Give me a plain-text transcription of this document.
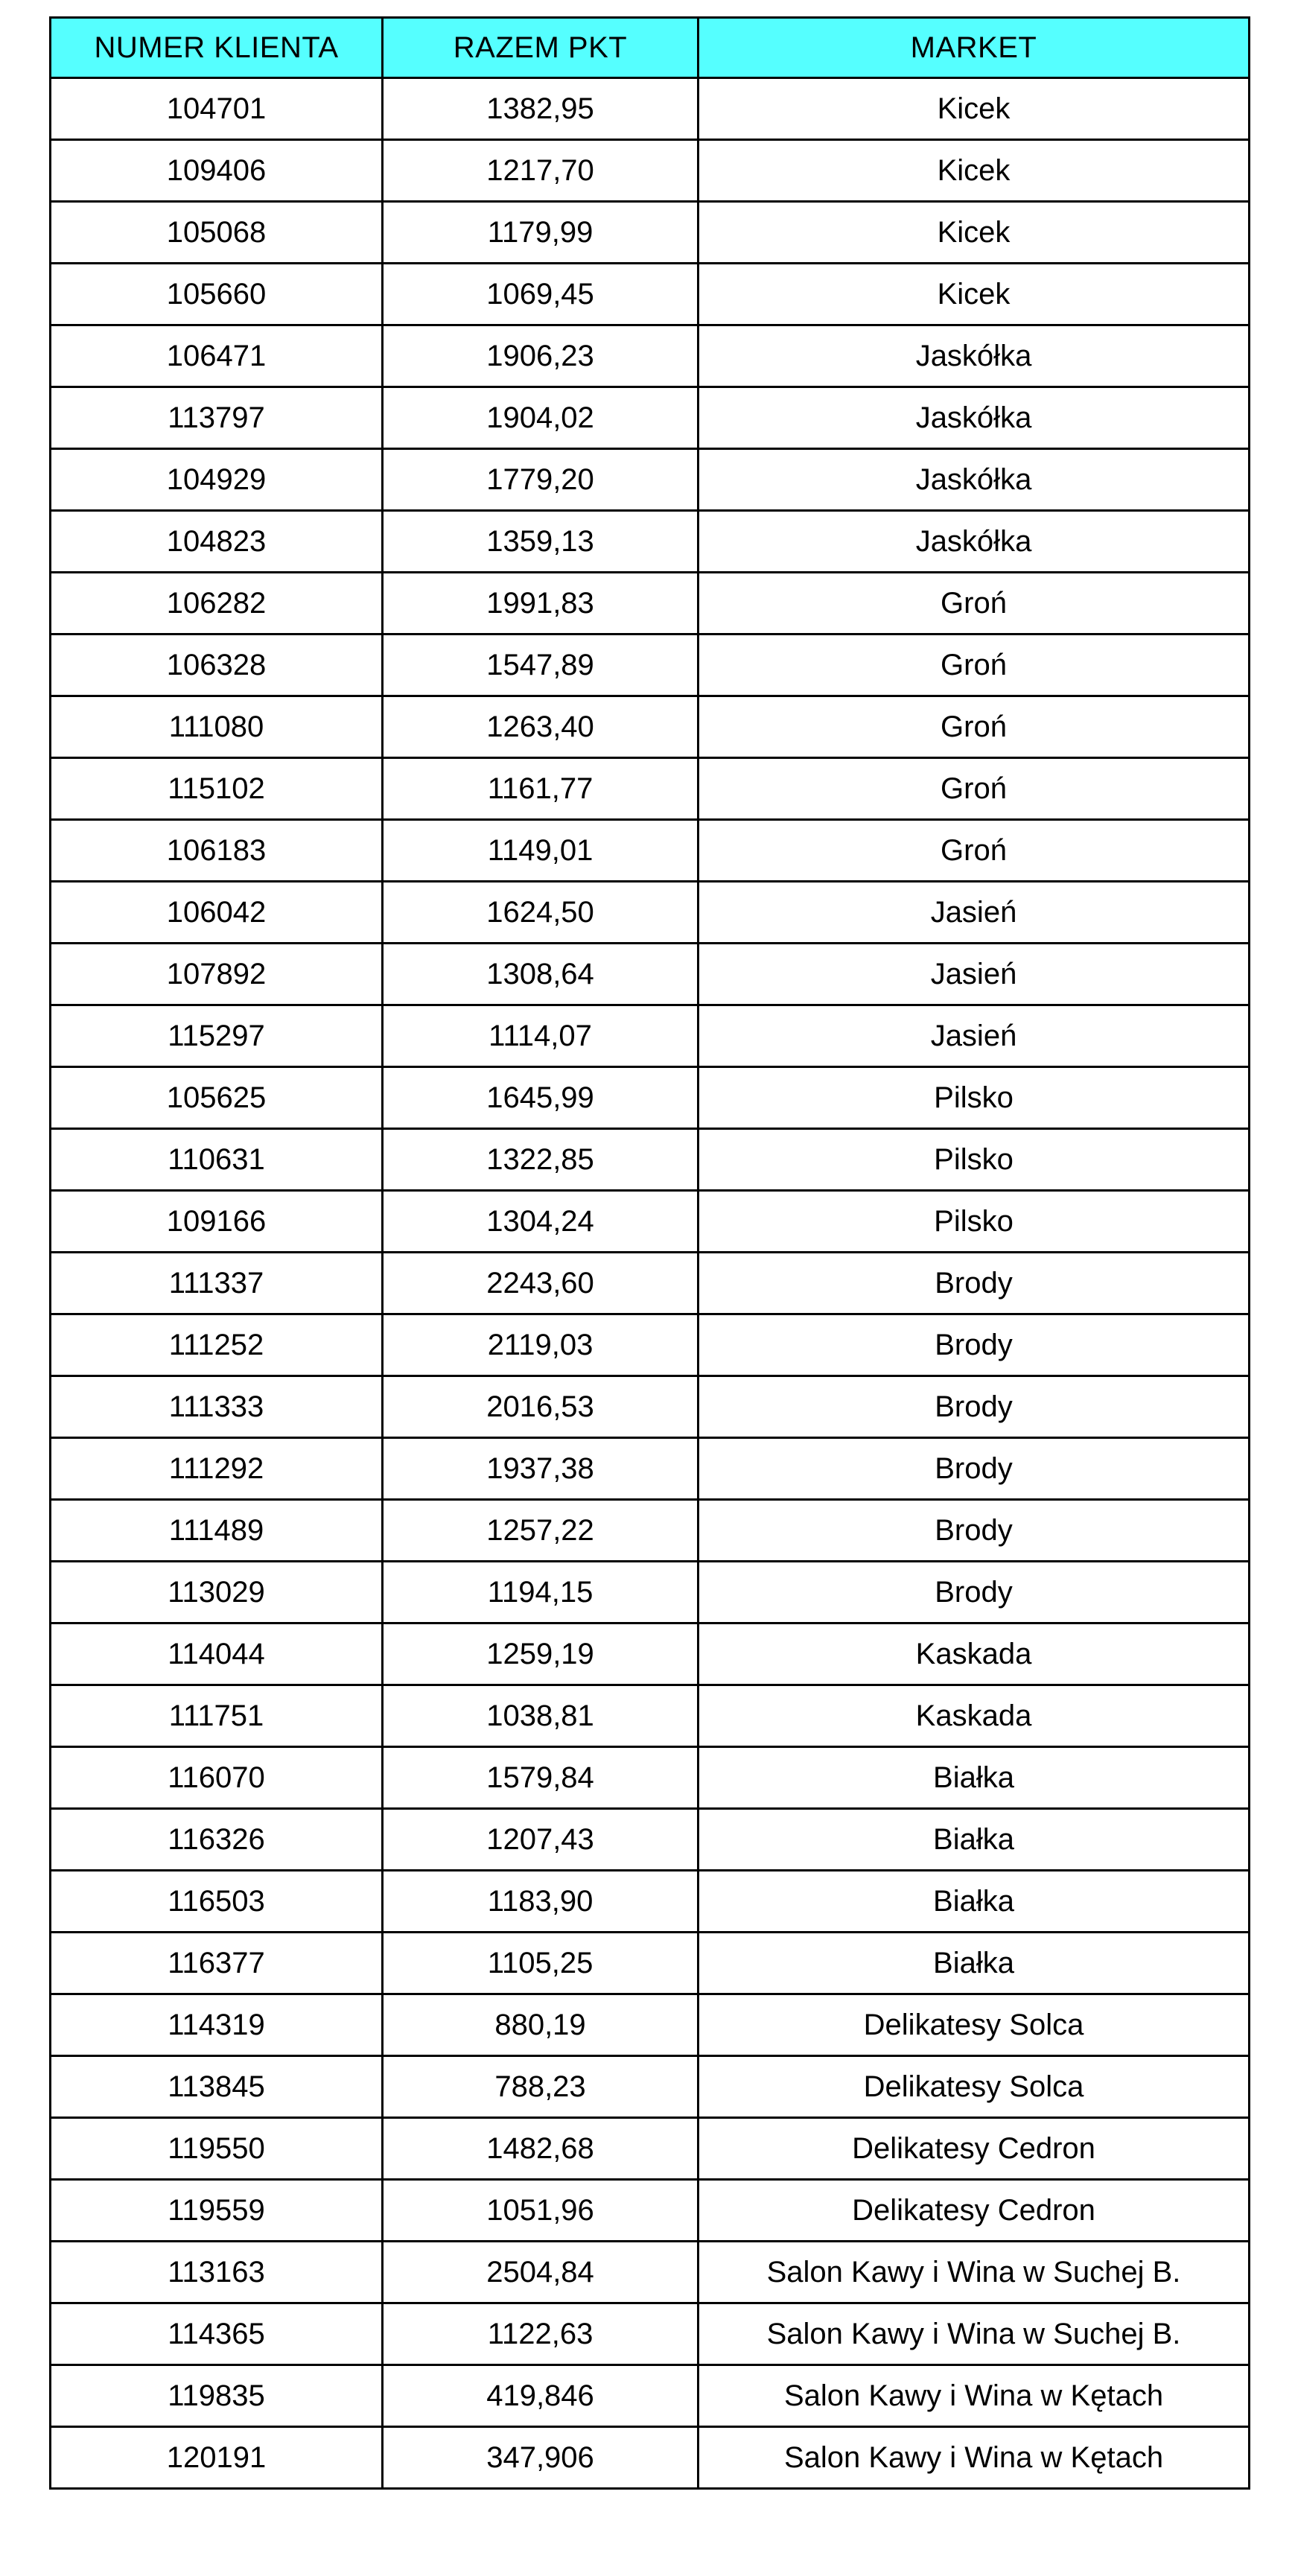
NUMER KLIENTA	RAZEM PKT	MARKET
104701	1382,95	Kicek
109406	1217,70	Kicek
105068	1179,99	Kicek
105660	1069,45	Kicek
106471	1906,23	Jaskółka
113797	1904,02	Jaskółka
104929	1779,20	Jaskółka
104823	1359,13	Jaskółka
106282	1991,83	Groń
106328	1547,89	Groń
111080	1263,40	Groń
115102	1161,77	Groń
106183	1149,01	Groń
106042	1624,50	Jasień
107892	1308,64	Jasień
115297	1114,07	Jasień
105625	1645,99	Pilsko
110631	1322,85	Pilsko
109166	1304,24	Pilsko
111337	2243,60	Brody
111252	2119,03	Brody
111333	2016,53	Brody
111292	1937,38	Brody
111489	1257,22	Brody
113029	1194,15	Brody
114044	1259,19	Kaskada
111751	1038,81	Kaskada
116070	1579,84	Białka
116326	1207,43	Białka
116503	1183,90	Białka
116377	1105,25	Białka
114319	880,19	Delikatesy Solca
113845	788,23	Delikatesy Solca
119550	1482,68	Delikatesy Cedron
119559	1051,96	Delikatesy Cedron
113163	2504,84	Salon Kawy i Wina w Suchej B.
114365	1122,63	Salon Kawy i Wina w Suchej B.
119835	419,846	Salon Kawy i Wina w Kętach
120191	347,906	Salon Kawy i Wina w Kętach
